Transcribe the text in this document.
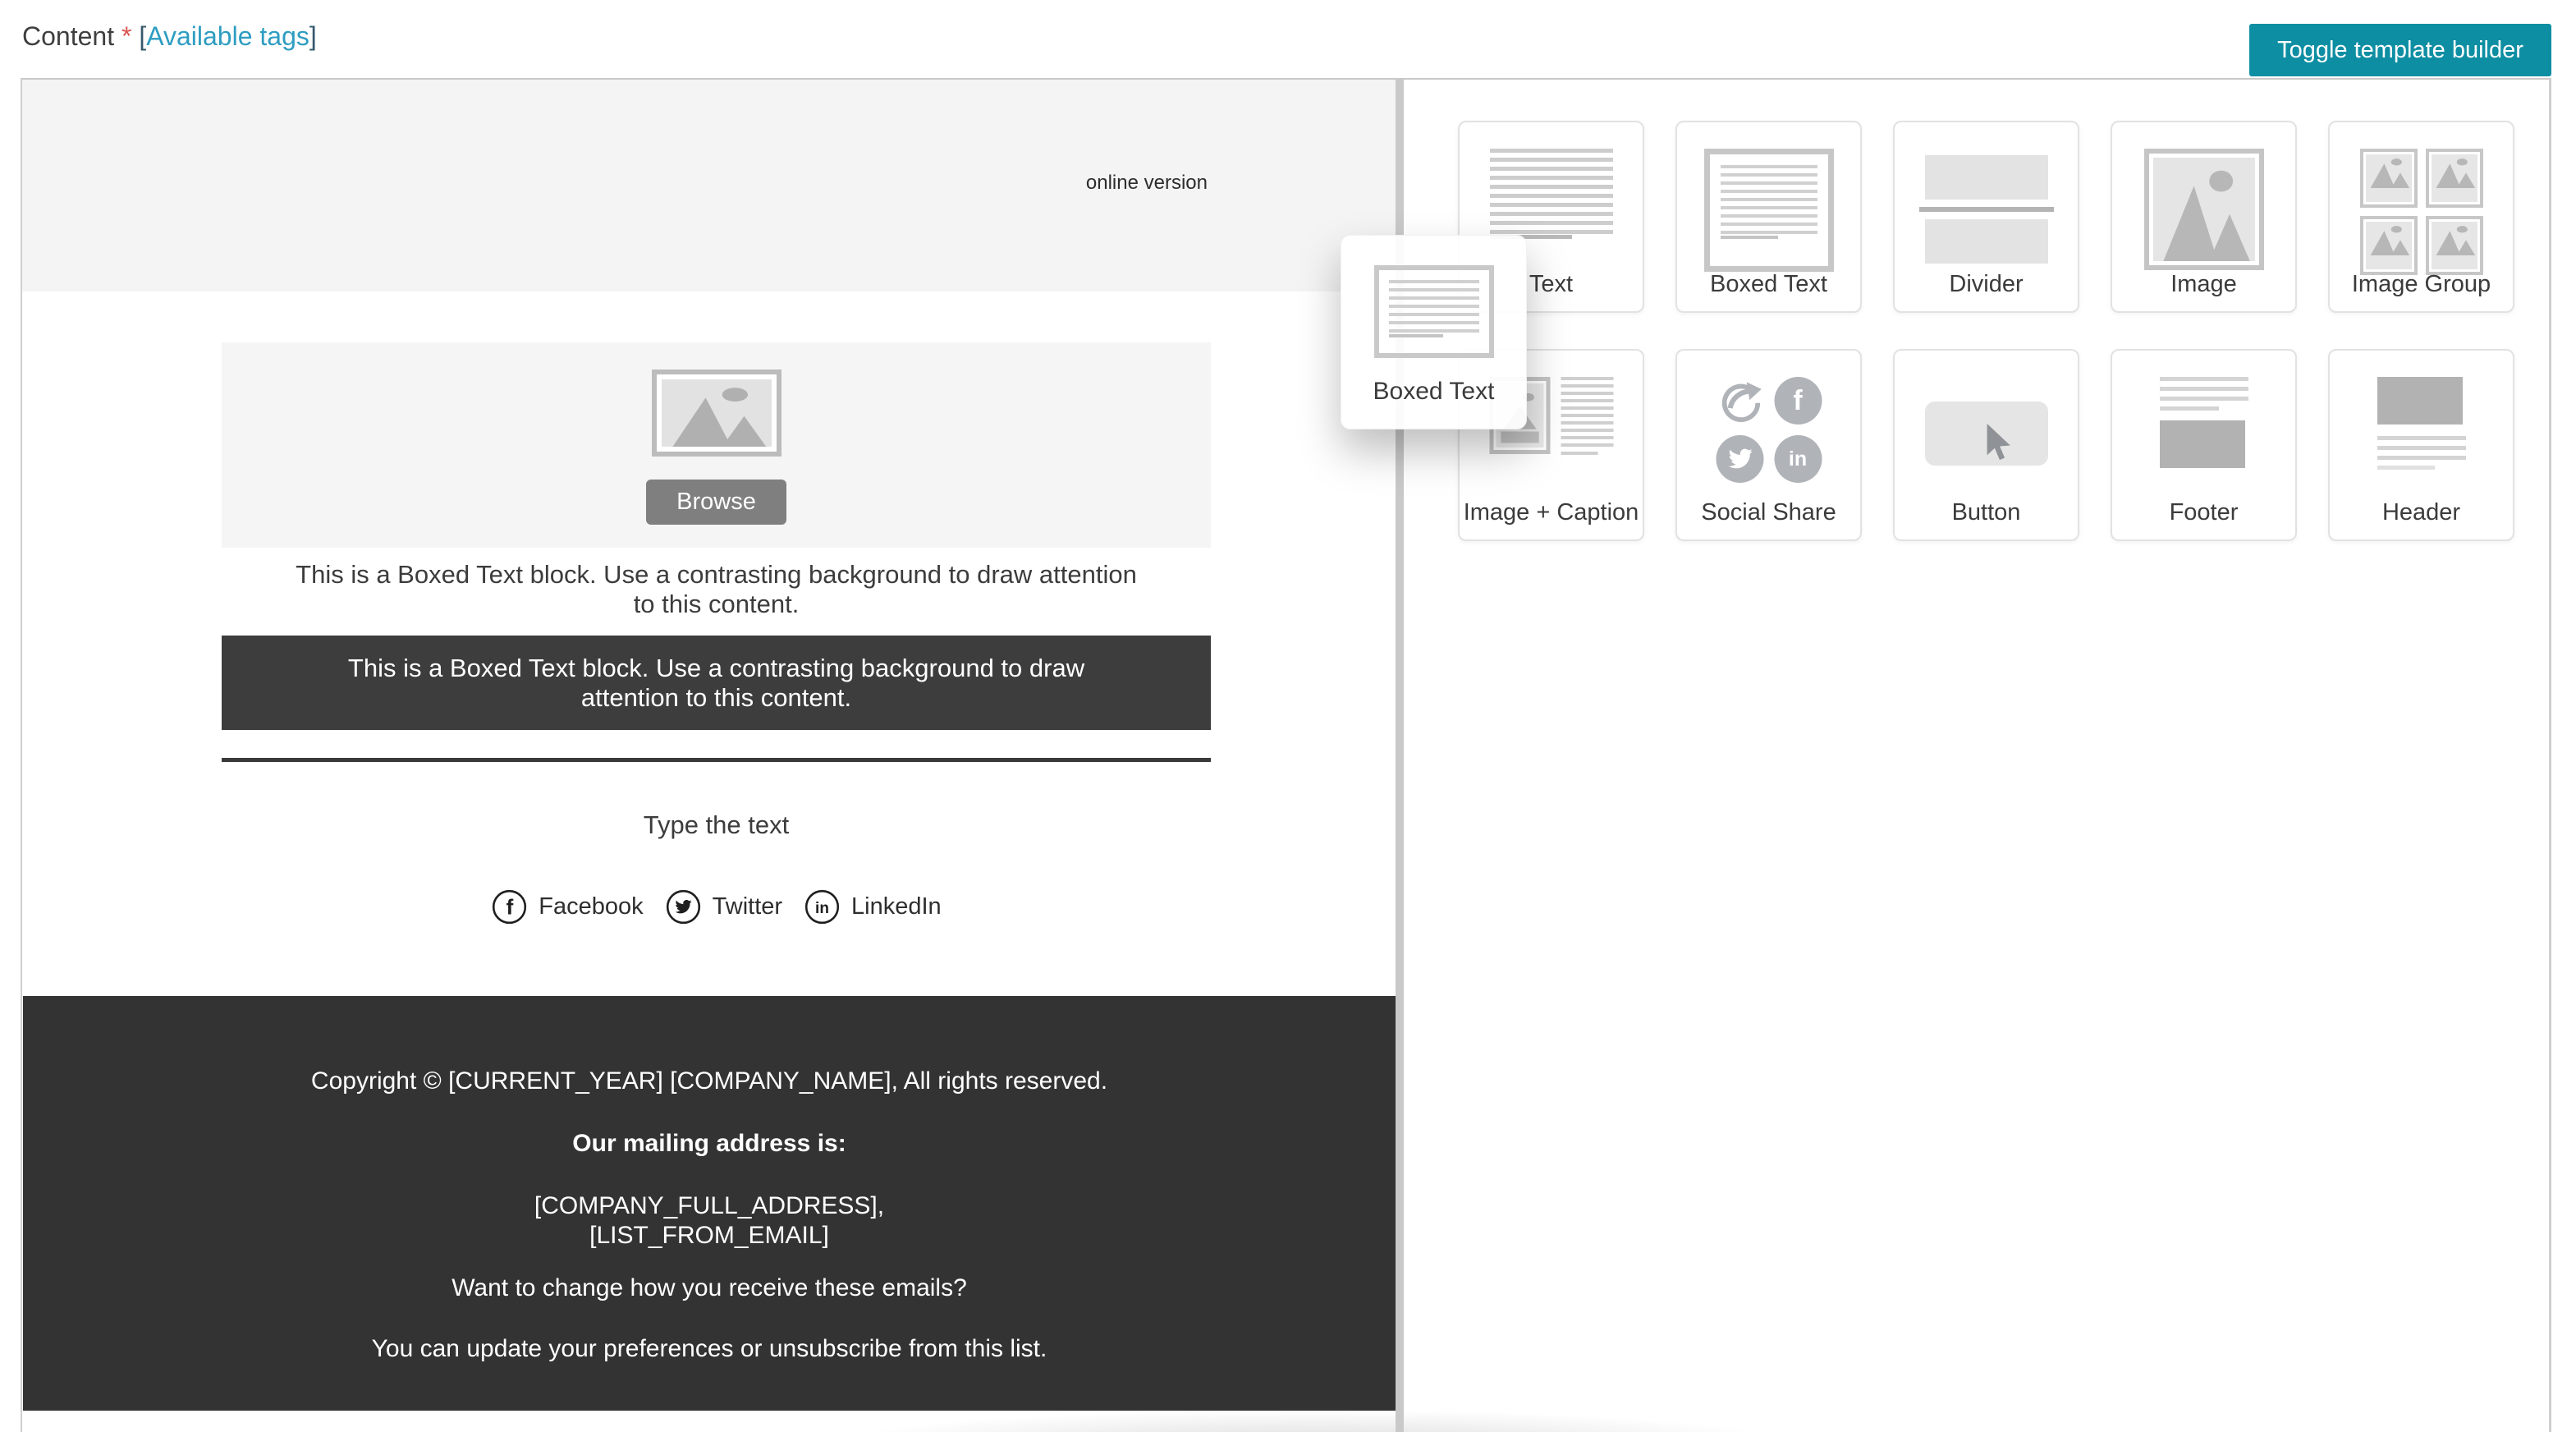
Content * [Available tags]	Toggle template builder
online version
Browse
This is a Boxed Text block. Use a contrasting background to draw attention
to this content.
This is a Boxed Text block. Use a contrasting background to draw
attention to this content.
Type the text
f Facebook	Twitter in LinkedIn
Copyright © [CURRENT_YEAR] [COMPANY_NAME], All rights reserved.
Our mailing address is:
[COMPANY_FULL_ADDRESS],
[LIST_FROM_EMAIL]
Want to change how you receive these emails?
You can update your preferences or unsubscribe from this list.
Text	Boxed Text	Divider	Image	Image Group
Image + Caption
f
in
Social Share	Button	Footer	Header
Boxed Text
